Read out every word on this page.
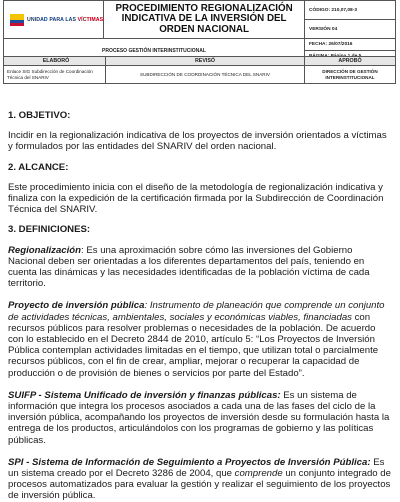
UNIDAD PARA LAS VÍCTIMAS	PROCEDIMIENTO REGIONALIZACIÓN INDICATIVA DE LA INVERSIÓN DEL ORDEN NACIONAL	CÓDIGO: 210,07,08-3
		VERSIÓN 04
PROCESO GESTIÓN INTERINSTITUCIONAL		FECHA: 26/07/2016

ELABORÓ	REVISÓ	APROBÓ
Enlace SIG Subdirección de Coordinación Técnica del SNARIV	SUBDIRECCIÓN DE COORDINACIÓN TÉCNICA DEL SNARIV	DIRECCIÓN DE GESTIÓN INTERINSTITUCIONAL

1. OBJETIVO:

Incidir en la regionalización indicativa de los proyectos de inversión orientados a víctimas y formulados por las entidades del SNARIV del orden nacional.

2. ALCANCE:

Este procedimiento inicia con el diseño de la metodología de regionalización indicativa y finaliza con la expedición de la certificación firmada por la Subdirección de Coordinación Técnica del SNARIV.

3. DEFINICIONES:

Regionalización: Es una aproximación sobre cómo las inversiones del Gobierno Nacional deben ser orientadas a los diferentes departamentos del país, teniendo en cuenta las dinámicas y las necesidades identificadas de la población víctima de cada territorio.

Proyecto de inversión pública: Instrumento de planeación que comprende un conjunto de actividades técnicas, ambientales, sociales y económicas viables, financiadas con recursos públicos para resolver problemas o necesidades de la población. De acuerdo con lo establecido en el Decreto 2844 de 2010, artículo 5: “Los Proyectos de Inversión Pública contemplan actividades limitadas en el tiempo, que utilizan total o parcialmente recursos públicos, con el fin de crear, ampliar, mejorar o recuperar la capacidad de producción o de provisión de bienes o servicios por parte del Estado”.

SUIFP - Sistema Unificado de inversión y finanzas públicas: Es un sistema de información que integra los procesos asociados a cada una de las fases del ciclo de la inversión pública, acompañando los proyectos de inversión desde su formulación hasta la entrega de los productos, articulándolos con los programas de gobierno y las políticas públicas.

SPI - Sistema de Información de Seguimiento a Proyectos de Inversión Pública: Es un sistema creado por el Decreto 3286 de 2004, que comprende un conjunto integrado de procesos automatizados para evaluar la gestión y realizar el seguimiento de los proyectos de inversión pública.
